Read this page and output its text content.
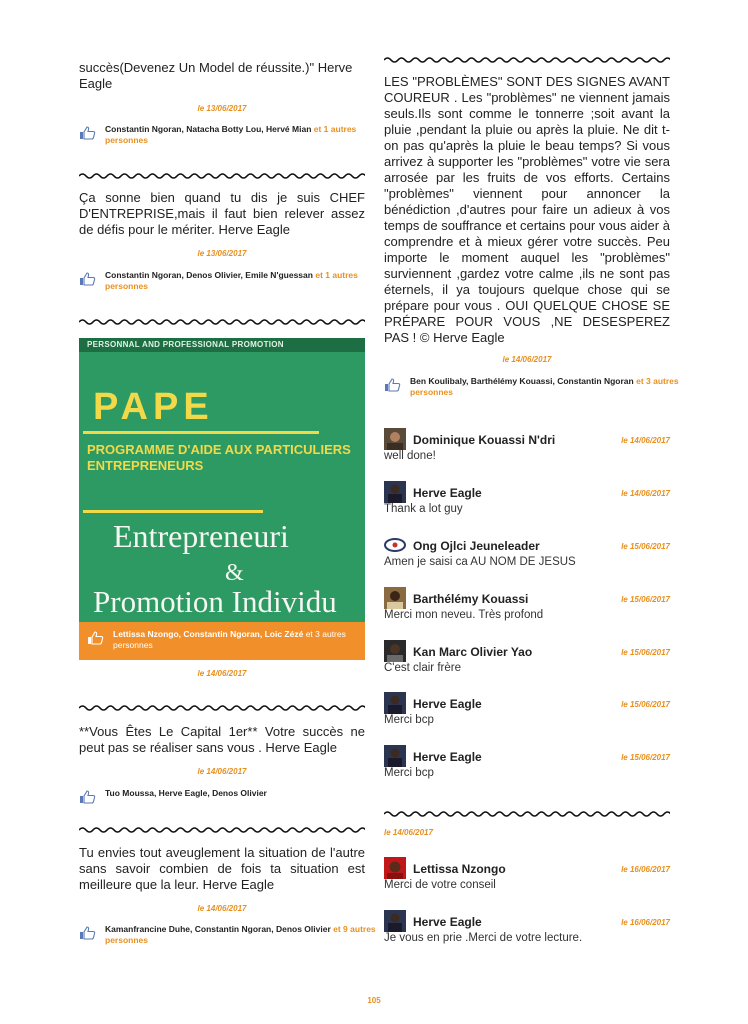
succès(Devenez Un Model de réussite.)" Herve Eagle
le 13/06/2017
Constantin Ngoran, Natacha Botty Lou, Hervé Mian et 1 autres personnes
Ça sonne bien quand tu dis je suis CHEF D'ENTREPRISE,mais il faut bien relever assez de défis pour le mériter. Herve Eagle
le 13/06/2017
Constantin Ngoran, Denos Olivier, Emile N'guessan et 1 autres personnes
PERSONNAL AND PROFESSIONAL PROMOTION
PAPE
PROGRAMME D'AIDE AUX PARTICULIERS
ENTREPRENEURS
Entrepreneuri
&
Promotion Individu
Lettissa Nzongo, Constantin Ngoran, Loic Zézé et 3 autres personnes
le 14/06/2017
**Vous Êtes Le Capital 1er** Votre succès ne peut pas se réaliser sans vous . Herve Eagle
le 14/06/2017
Tuo Moussa, Herve Eagle, Denos Olivier
Tu envies tout aveuglement la situation de l'autre sans savoir combien de fois ta situation est meilleure que la leur. Herve Eagle
le 14/06/2017
Kamanfrancine Duhe, Constantin Ngoran, Denos Olivier et 9 autres personnes
LES "PROBLÈMES" SONT DES SIGNES AVANT COUREUR . Les "problèmes" ne viennent jamais seuls.Ils sont comme le tonnerre ;soit avant la pluie ,pendant la pluie ou après la pluie. Ne dit t-on pas qu'après la pluie le beau temps? Si vous arrivez à supporter les "problèmes" votre vie sera arrosée par les fruits de vos efforts. Certains "problèmes" viennent pour annoncer la bénédiction ,d'autres pour faire un adieux à vos temps de souffrance et certains pour vous aider à comprendre et à mieux gérer votre succès. Peu importe le moment auquel les "problèmes" surviennent ,gardez votre calme ,ils ne sont pas éternels, il ya toujours quelque chose qui se prépare pour vous . OUI QUELQUE CHOSE SE PRÉPARE POUR VOUS ,NE DESESPEREZ PAS ! © Herve Eagle
le 14/06/2017
Ben Koulibaly, Barthélémy Kouassi, Constantin Ngoran et 3 autres personnes
Dominique Kouassi N'dri	le 14/06/2017
well done!
Herve Eagle	le 14/06/2017
Thank a lot guy
Ong Ojlci Jeuneleader	le 15/06/2017
Amen je saisi ca AU NOM DE JESUS
Barthélémy Kouassi	le 15/06/2017
Merci mon neveu. Très profond
Kan Marc Olivier Yao	le 15/06/2017
C'est clair frère
Herve Eagle	le 15/06/2017
Merci bcp
Herve Eagle	le 15/06/2017
Merci bcp
le 14/06/2017
Lettissa Nzongo	le 16/06/2017
Merci de votre conseil
Herve Eagle	le 16/06/2017
Je vous en prie .Merci de votre lecture.
105
